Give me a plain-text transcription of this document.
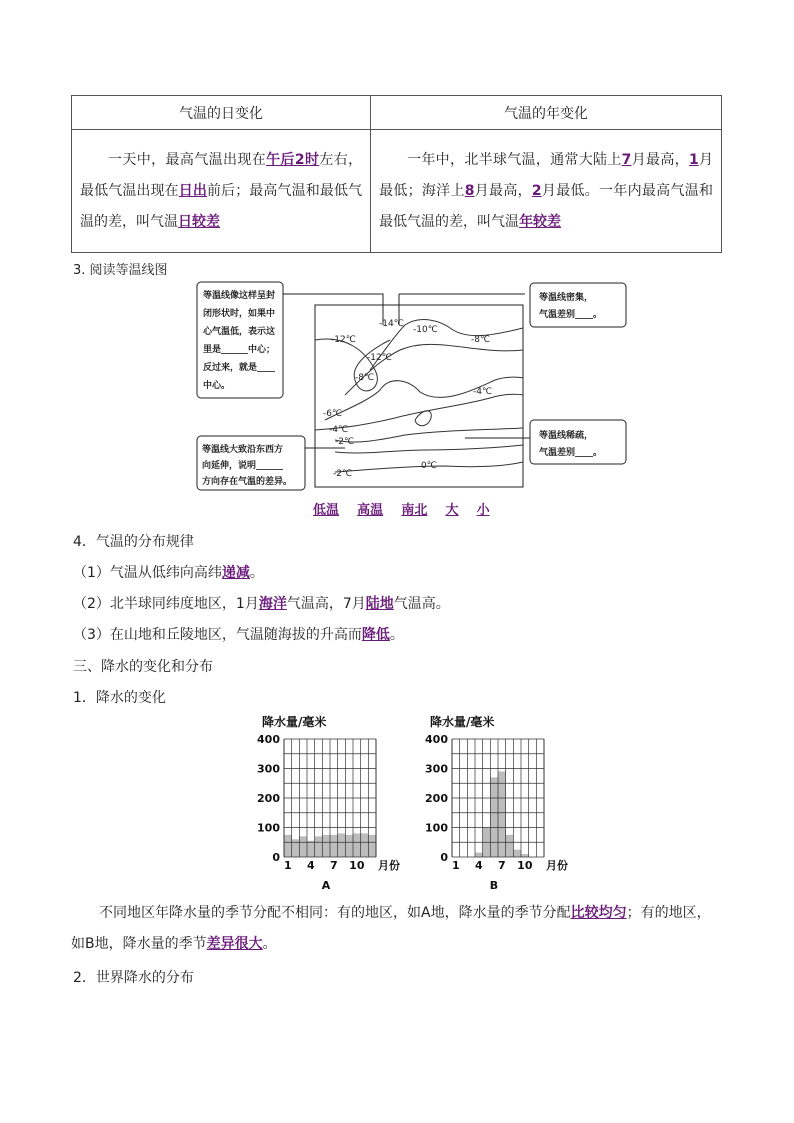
气温的日变化	气温的年变化
一天中，最高气温出现在午后2时左右，最低气温出现在日出前后；最高气温和最低气温的差，叫气温日较差	一年中，北半球气温，通常大陆上7月最高，1月最低；海洋上8月最高，2月最低。一年内最高气温和最低气温的差，叫气温年较差
3. 阅读等温线图
-12℃
-14℃
-10℃
-8℃
-12℃
-8℃
-4℃
-6℃
-4℃
-2℃
-2℃
0℃
等温线像这样呈封
闭形状时，如果中
心气温低，表示这
里是______中心；
反过来，就是____
中心。
等温线大致沿东西方
向延伸，说明______
方向存在气温的差异。
等温线密集，
气温差别____。
等温线稀疏，
气温差别____。
低温 高温 南北 大 小
4．气温的分布规律
（1）气温从低纬向高纬递减。
（2）北半球同纬度地区，1月海洋气温高，7月陆地气温高。
（3）在山地和丘陵地区，气温随海拔的升高而降低。
三、降水的变化和分布
1．降水的变化
降水量/毫米
0
100
200
300
400
1 4 7 10 月份
A
降水量/毫米
0
100
200
300
400
1 4 7 10 月份
B
不同地区年降水量的季节分配不相同：有的地区，如A地，降水量的季节分配比较均匀；有的地区，如B地，降水量的季节差异很大。
2．世界降水的分布
